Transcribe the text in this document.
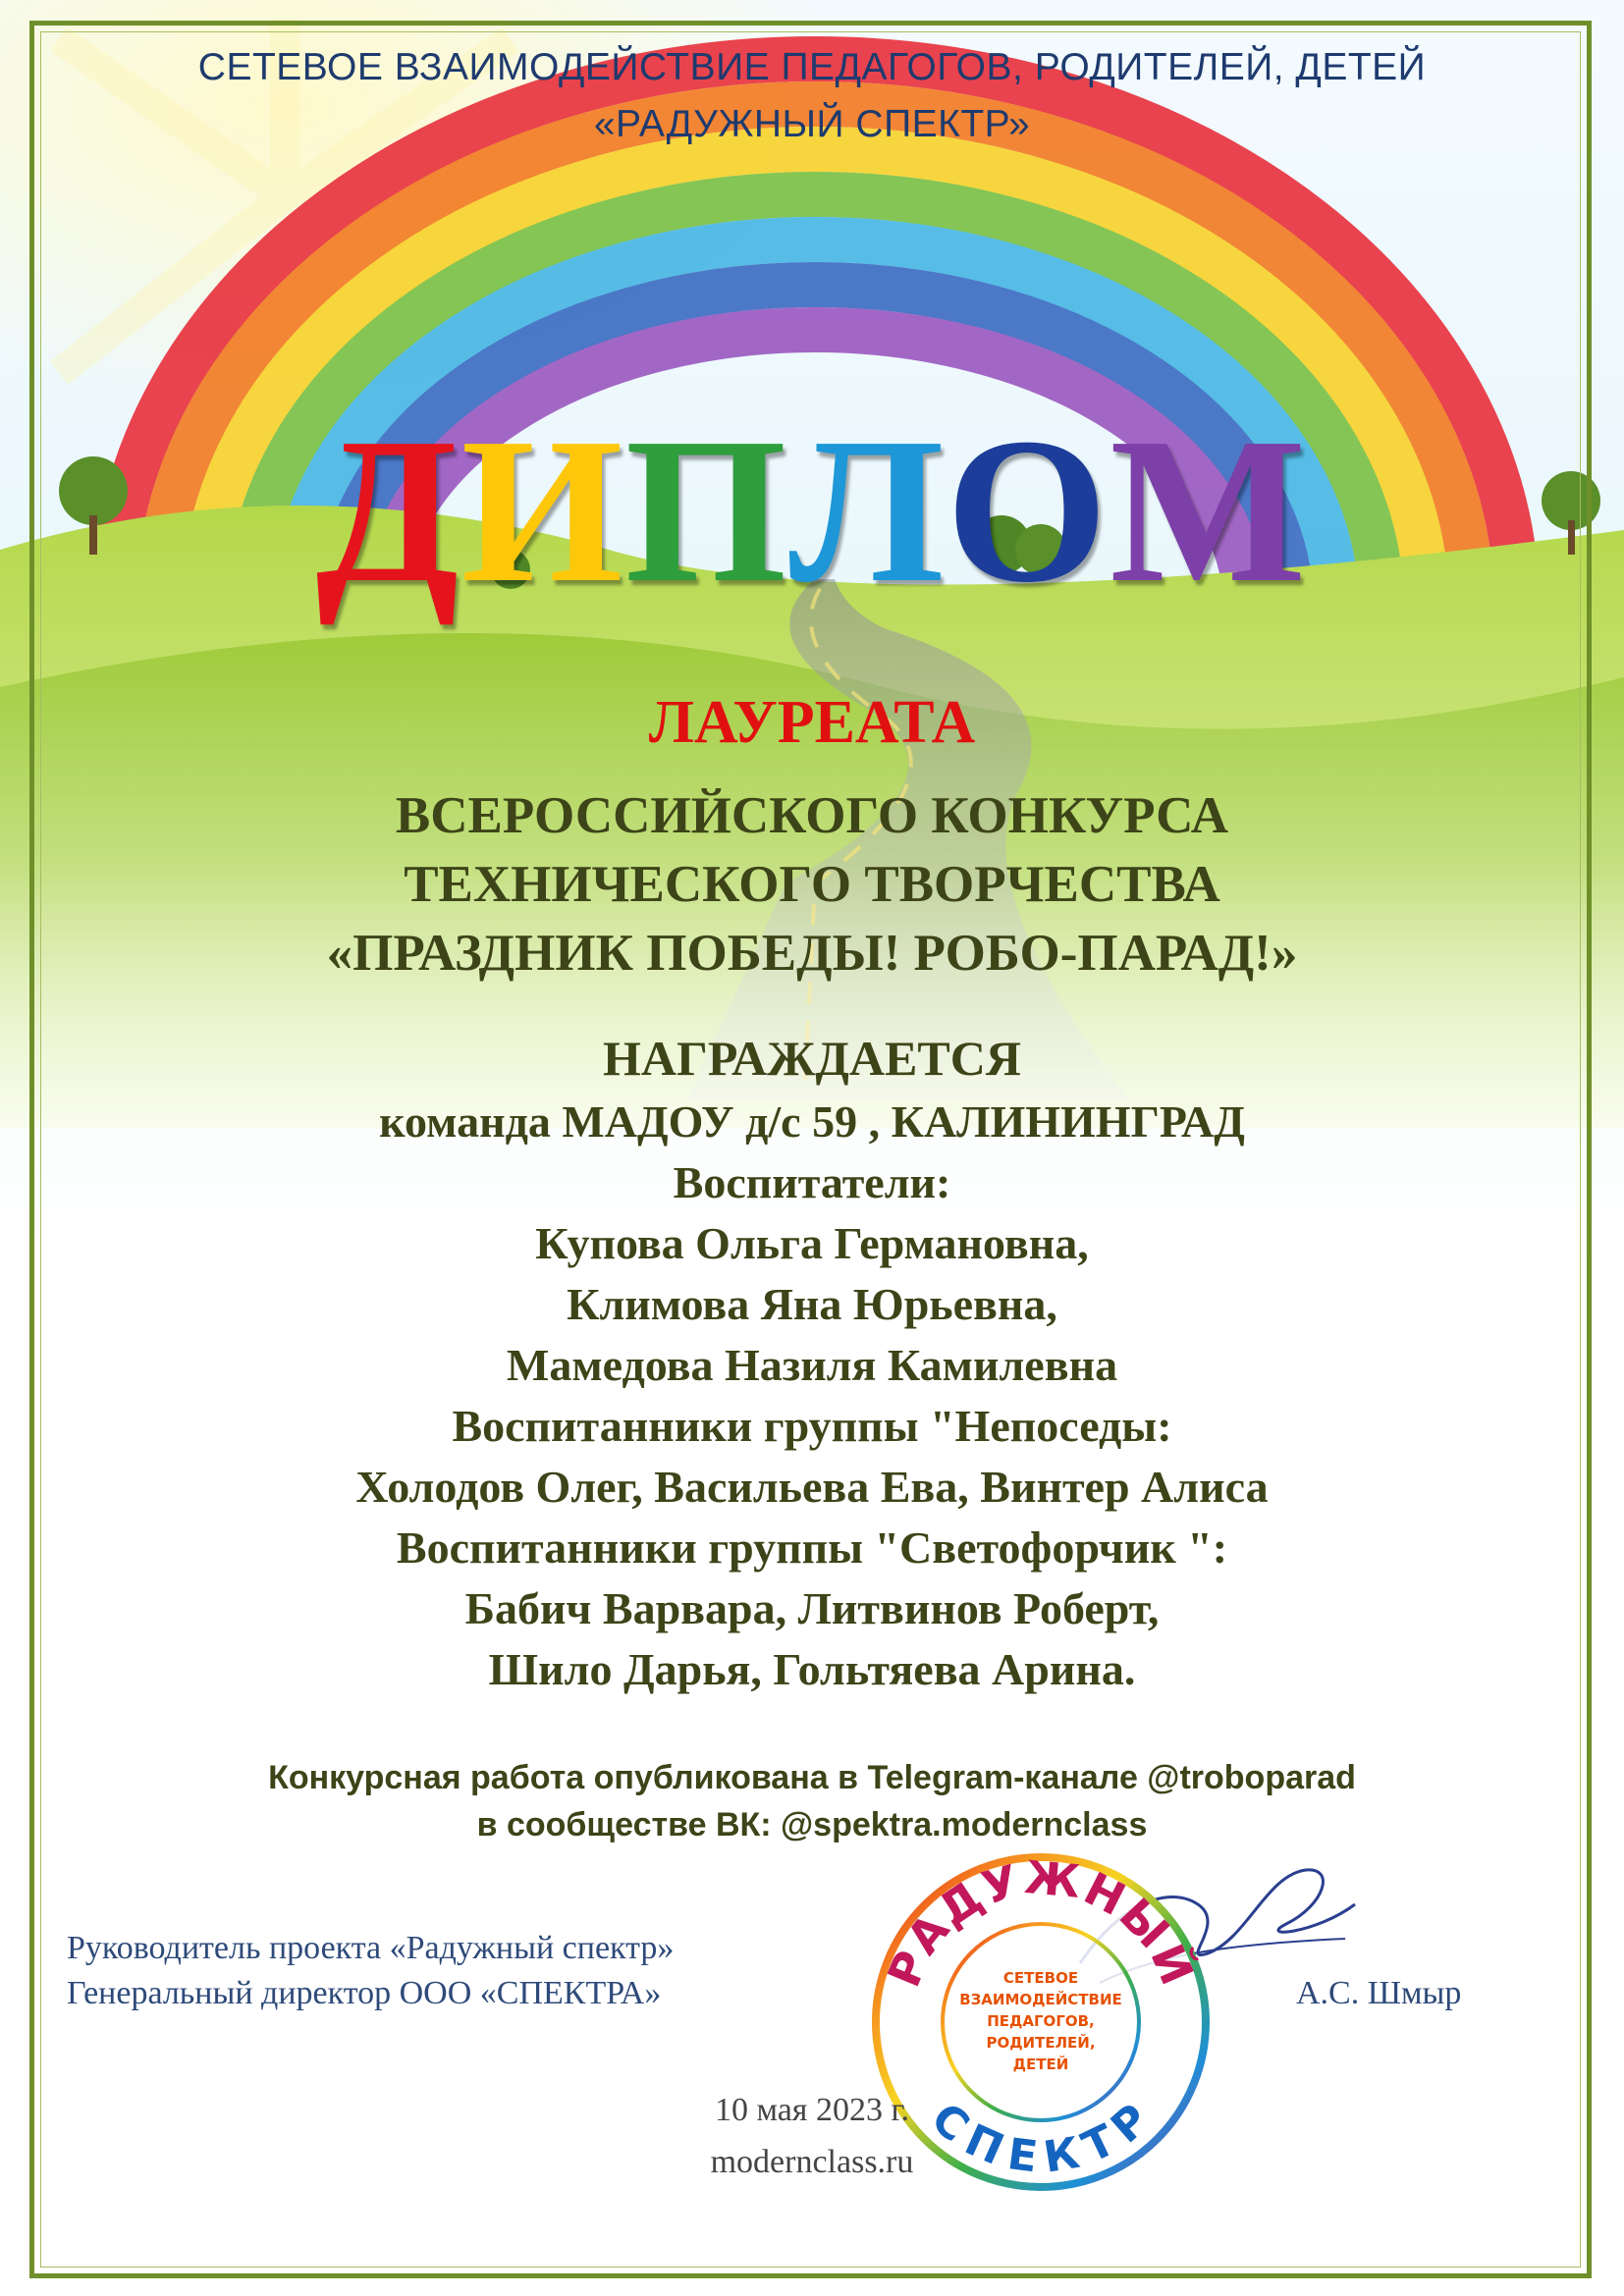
СЕТЕВОЕ ВЗАИМОДЕЙСТВИЕ ПЕДАГОГОВ, РОДИТЕЛЕЙ, ДЕТЕЙ
«РАДУЖНЫЙ СПЕКТР»
ДИПЛОМ
ЛАУРЕАТА
ВСЕРОССИЙСКОГО КОНКУРСА
ТЕХНИЧЕСКОГО ТВОРЧЕСТВА
«ПРАЗДНИК ПОБЕДЫ! РОБО-ПАРАД!»
НАГРАЖДАЕТСЯ
команда МАДОУ д/с 59 , КАЛИНИНГРАД
Воспитатели:
Купова Ольга Германовна,
Климова Яна Юрьевна,
Мамедова Назиля Камилевна
Воспитанники группы "Непоседы:
Холодов Олег, Васильева Ева, Винтер Алиса
Воспитанники группы "Светофорчик ":
Бабич Варвара, Литвинов Роберт,
Шило Дарья, Гольтяева Арина.
Конкурсная работа опубликована в Telegram-канале @troboparad
в сообществе ВК: @spektra.modernclass
Руководитель проекта «Радужный спектр»
Генеральный директор ООО «СПЕКТРА»	А.С. Шмыр
РАДУЖНЫЙ
СПЕКТР
СЕТЕВОЕ
ВЗАИМОДЕЙСТВИЕ
ПЕДАГОГОВ,
РОДИТЕЛЕЙ,
ДЕТЕЙ
10 мая 2023 г.
modernclass.ru
